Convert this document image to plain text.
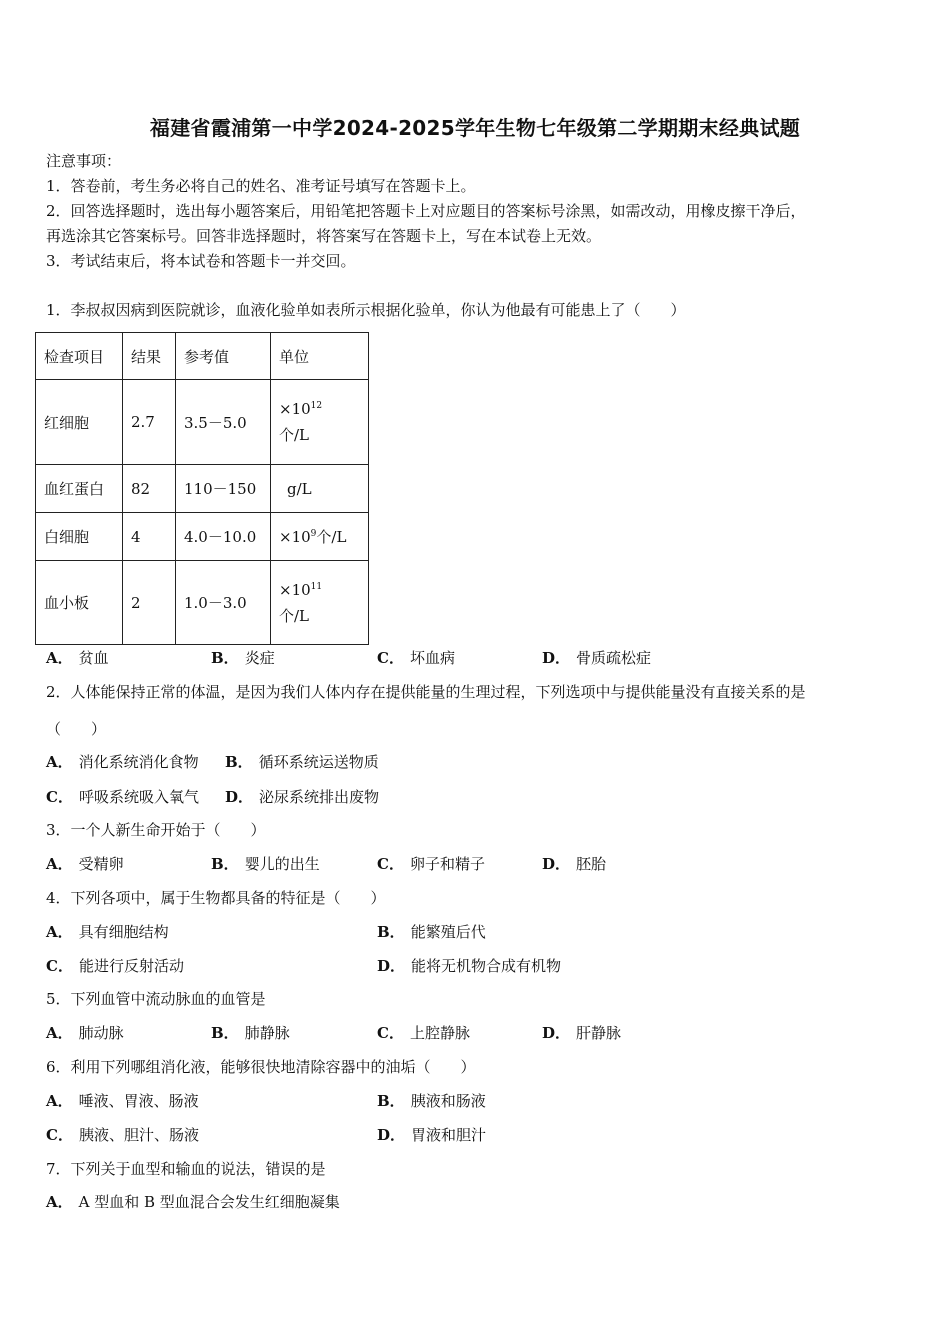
福建省霞浦第一中学2024-2025学年生物七年级第二学期期末经典试题
注意事项：
1．答卷前，考生务必将自己的姓名、准考证号填写在答题卡上。
2．回答选择题时，选出每小题答案后，用铅笔把答题卡上对应题目的答案标号涂黑，如需改动，用橡皮擦干净后，
再选涂其它答案标号。回答非选择题时，将答案写在答题卡上，写在本试卷上无效。
3．考试结束后，将本试卷和答题卡一并交回。
1．李叔叔因病到医院就诊，血液化验单如表所示根据化验单，你认为他最有可能患上了（　　）
检查项目	结果	参考值	单位
红细胞	2.7	3.5－5.0	$\times 10^{12}$
个/L

血红蛋白	82	110－150	g/L
白细胞	4	4.0－10.0	$\times 10^9$个/L
血小板	2	1.0－3.0	$\times 10^{11}$
个/L
A． 贫血	B． 炎症	C． 坏血病	D． 骨质疏松症
2．人体能保持正常的体温，是因为我们人体内存在提供能量的生理过程，下列选项中与提供能量没有直接关系的是
（　　）
A． 消化系统消化食物 B． 循环系统运送物质
C． 呼吸系统吸入氧气 D． 泌尿系统排出废物
3．一个人新生命开始于（　　）
A． 受精卵	B． 婴儿的出生	C． 卵子和精子	D． 胚胎
4．下列各项中，属于生物都具备的特征是（　　）
A． 具有细胞结构	B． 能繁殖后代
C． 能进行反射活动	D． 能将无机物合成有机物
5．下列血管中流动脉血的血管是
A． 肺动脉	B． 肺静脉	C． 上腔静脉	D． 肝静脉
6．利用下列哪组消化液，能够很快地清除容器中的油垢（　　）
A． 唾液、胃液、肠液	B． 胰液和肠液
C． 胰液、胆汁、肠液	D． 胃液和胆汁
7．下列关于血型和输血的说法，错误的是
A． A 型血和 B 型血混合会发生红细胞凝集
